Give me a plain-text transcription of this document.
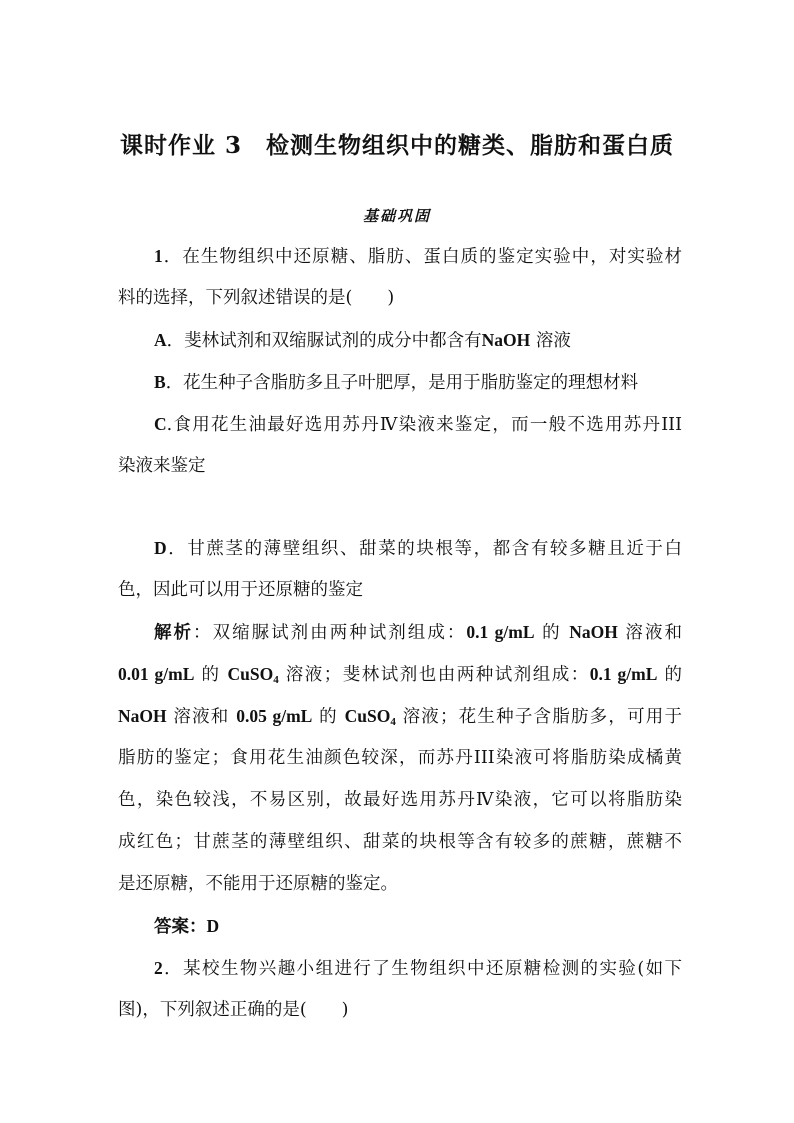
课时作业 3　检测生物组织中的糖类、脂肪和蛋白质
基础巩固
1．在生物组织中还原糖、脂肪、蛋白质的鉴定实验中，对实验材
料的选择，下列叙述错误的是(　　)
A．斐林试剂和双缩脲试剂的成分中都含有NaOH 溶液
B．花生种子含脂肪多且子叶肥厚，是用于脂肪鉴定的理想材料
C.食用花生油最好选用苏丹Ⅳ染液来鉴定，而一般不选用苏丹III
染液来鉴定
D．甘蔗茎的薄壁组织、甜菜的块根等，都含有较多糖且近于白
色，因此可以用于还原糖的鉴定
解析：双缩脲试剂由两种试剂组成：0.1 g/mL 的 NaOH 溶液和
0.01 g/mL 的 CuSO$_4$ 溶液；斐林试剂也由两种试剂组成：0.1 g/mL 的
NaOH 溶液和 0.05 g/mL 的 CuSO$_4$ 溶液；花生种子含脂肪多，可用于
脂肪的鉴定；食用花生油颜色较深，而苏丹III染液可将脂肪染成橘黄
色，染色较浅，不易区别，故最好选用苏丹Ⅳ染液，它可以将脂肪染
成红色；甘蔗茎的薄壁组织、甜菜的块根等含有较多的蔗糖，蔗糖不
是还原糖，不能用于还原糖的鉴定。
答案：D
2．某校生物兴趣小组进行了生物组织中还原糖检测的实验(如下
图)，下列叙述正确的是(　　)
